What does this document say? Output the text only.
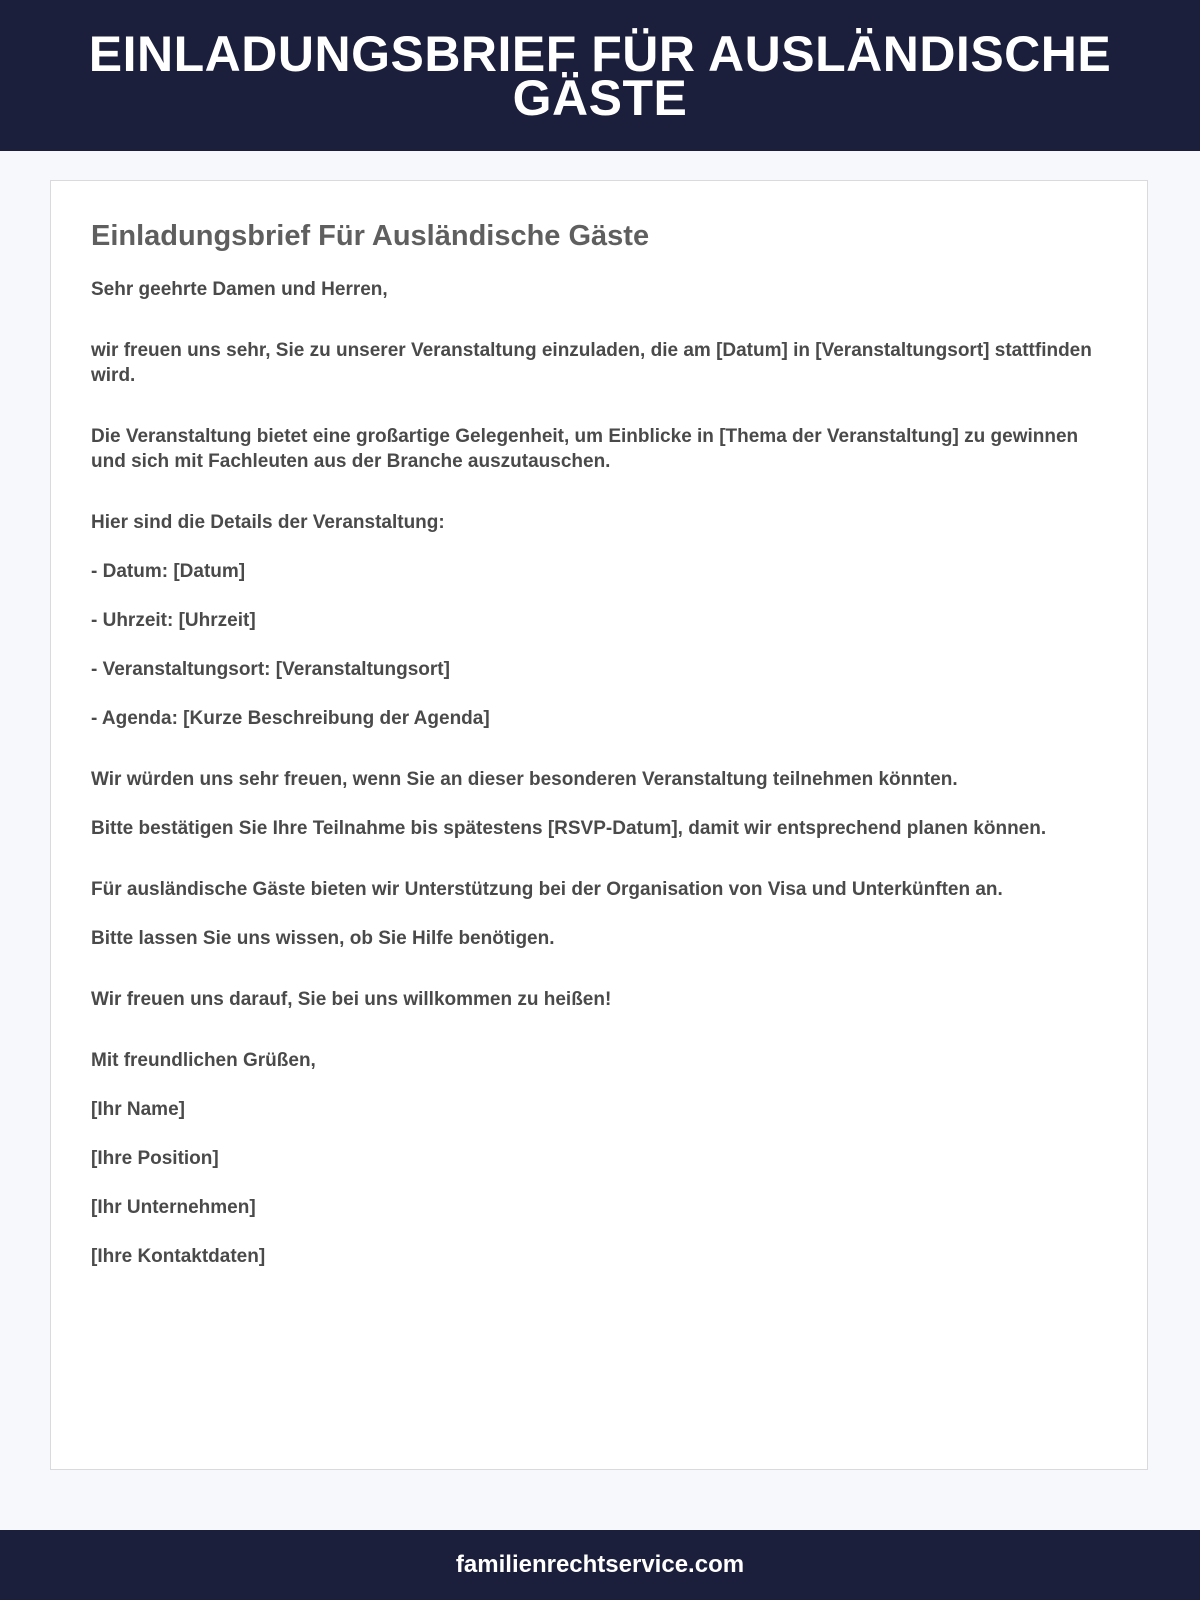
EINLADUNGSBRIEF FÜR AUSLÄNDISCHE GÄSTE
Einladungsbrief Für Ausländische Gäste

Sehr geehrte Damen und Herren,

wir freuen uns sehr, Sie zu unserer Veranstaltung einzuladen, die am [Datum] in [Veranstaltungsort] stattfinden wird.

Die Veranstaltung bietet eine großartige Gelegenheit, um Einblicke in [Thema der Veranstaltung] zu gewinnen und sich mit Fachleuten aus der Branche auszutauschen.

Hier sind die Details der Veranstaltung:

- Datum: [Datum]

- Uhrzeit: [Uhrzeit]

- Veranstaltungsort: [Veranstaltungsort]

- Agenda: [Kurze Beschreibung der Agenda]

Wir würden uns sehr freuen, wenn Sie an dieser besonderen Veranstaltung teilnehmen könnten.

Bitte bestätigen Sie Ihre Teilnahme bis spätestens [RSVP-Datum], damit wir entsprechend planen können.

Für ausländische Gäste bieten wir Unterstützung bei der Organisation von Visa und Unterkünften an.

Bitte lassen Sie uns wissen, ob Sie Hilfe benötigen.

Wir freuen uns darauf, Sie bei uns willkommen zu heißen!

Mit freundlichen Grüßen,

[Ihr Name]

[Ihre Position]

[Ihr Unternehmen]

[Ihre Kontaktdaten]

familienrechtservice.com
